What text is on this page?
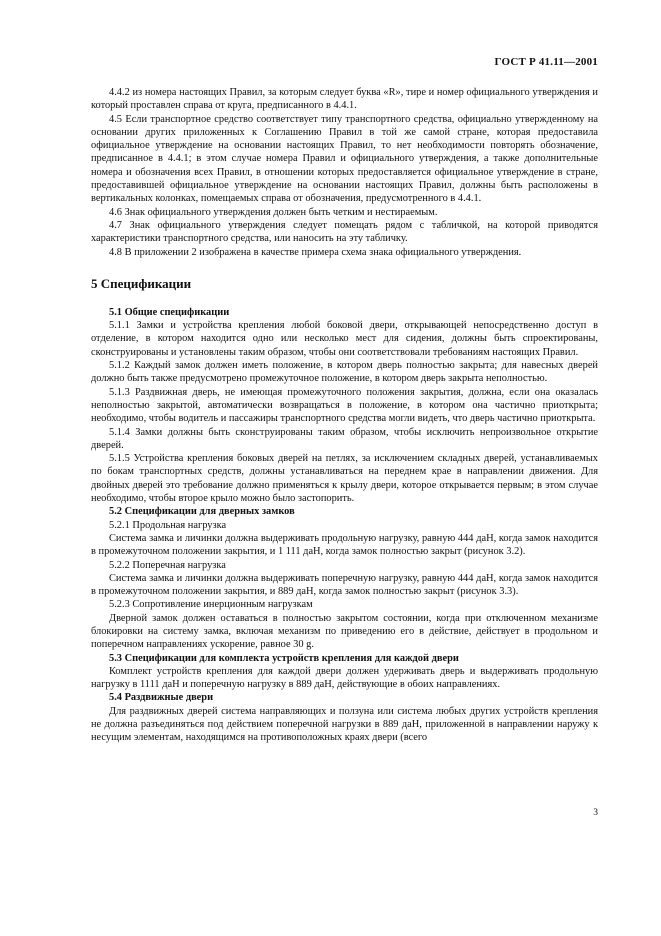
ГОСТ Р 41.11—2001

4.4.2 из номера настоящих Правил, за которым следует буква «R», тире и номер официального утверждения и который проставлен справа от круга, предписанного в 4.4.1.

4.5 Если транспортное средство соответствует типу транспортного средства, официально утвержденному на основании других приложенных к Соглашению Правил в той же самой стране, которая предоставила официальное утверждение на основании настоящих Правил, то нет необходимости повторять обозначение, предписанное в 4.4.1; в этом случае номера Правил и официального утверждения, а также дополнительные номера и обозначения всех Правил, в отношении которых предоставляется официальное утверждение в стране, предоставившей официальное утверждение на основании настоящих Правил, должны быть расположены в вертикальных колонках, помещаемых справа от обозначения, предусмотренного в 4.4.1.

4.6 Знак официального утверждения должен быть четким и нестираемым.

4.7 Знак официального утверждения следует помещать рядом с табличкой, на которой приводятся характеристики транспортного средства, или наносить на эту табличку.

4.8 В приложении 2 изображена в качестве примера схема знака официального утверждения.

5 Спецификации

5.1 Общие спецификации

5.1.1 Замки и устройства крепления любой боковой двери, открывающей непосредственно доступ в отделение, в котором находится одно или несколько мест для сидения, должны быть спроектированы, сконструированы и установлены таким образом, чтобы они соответствовали требованиям настоящих Правил.

5.1.2 Каждый замок должен иметь положение, в котором дверь полностью закрыта; для навесных дверей должно быть также предусмотрено промежуточное положение, в котором дверь закрыта неполностью.

5.1.3 Раздвижная дверь, не имеющая промежуточного положения закрытия, должна, если она оказалась неполностью закрытой, автоматически возвращаться в положение, в котором она частично приоткрыта; необходимо, чтобы водитель и пассажиры транспортного средства могли видеть, что дверь частично приоткрыта.

5.1.4 Замки должны быть сконструированы таким образом, чтобы исключить непроизвольное открытие дверей.

5.1.5 Устройства крепления боковых дверей на петлях, за исключением складных дверей, устанавливаемых по бокам транспортных средств, должны устанавливаться на переднем крае в направлении движения. Для двойных дверей это требование должно применяться к крылу двери, которое открывается первым; в этом случае необходимо, чтобы второе крыло можно было застопорить.

5.2 Спецификации для дверных замков

5.2.1 Продольная нагрузка

Система замка и личинки должна выдерживать продольную нагрузку, равную 444 даН, когда замок находится в промежуточном положении закрытия, и 1 111 даН, когда замок полностью закрыт (рисунок 3.2).

5.2.2 Поперечная нагрузка

Система замка и личинки должна выдерживать поперечную нагрузку, равную 444 даН, когда замок находится в промежуточном положении закрытия, и 889 даН, когда замок полностью закрыт (рисунок 3.3).

5.2.3 Сопротивление инерционным нагрузкам

Дверной замок должен оставаться в полностью закрытом состоянии, когда при отключенном механизме блокировки на систему замка, включая механизм по приведению его в действие, действует в продольном и поперечном направлениях ускорение, равное 30 g.

5.3 Спецификации для комплекта устройств крепления для каждой двери

Комплект устройств крепления для каждой двери должен удерживать дверь и выдерживать продольную нагрузку в 1111 даН и поперечную нагрузку в 889 даН, действующие в обоих направлениях.

5.4 Раздвижные двери

Для раздвижных дверей система направляющих и ползуна или система любых других устройств крепления не должна разъединяться под действием поперечной нагрузки в 889 даН, приложенной в направлении наружу к несущим элементам, находящимся на противоположных краях двери (всего

3
